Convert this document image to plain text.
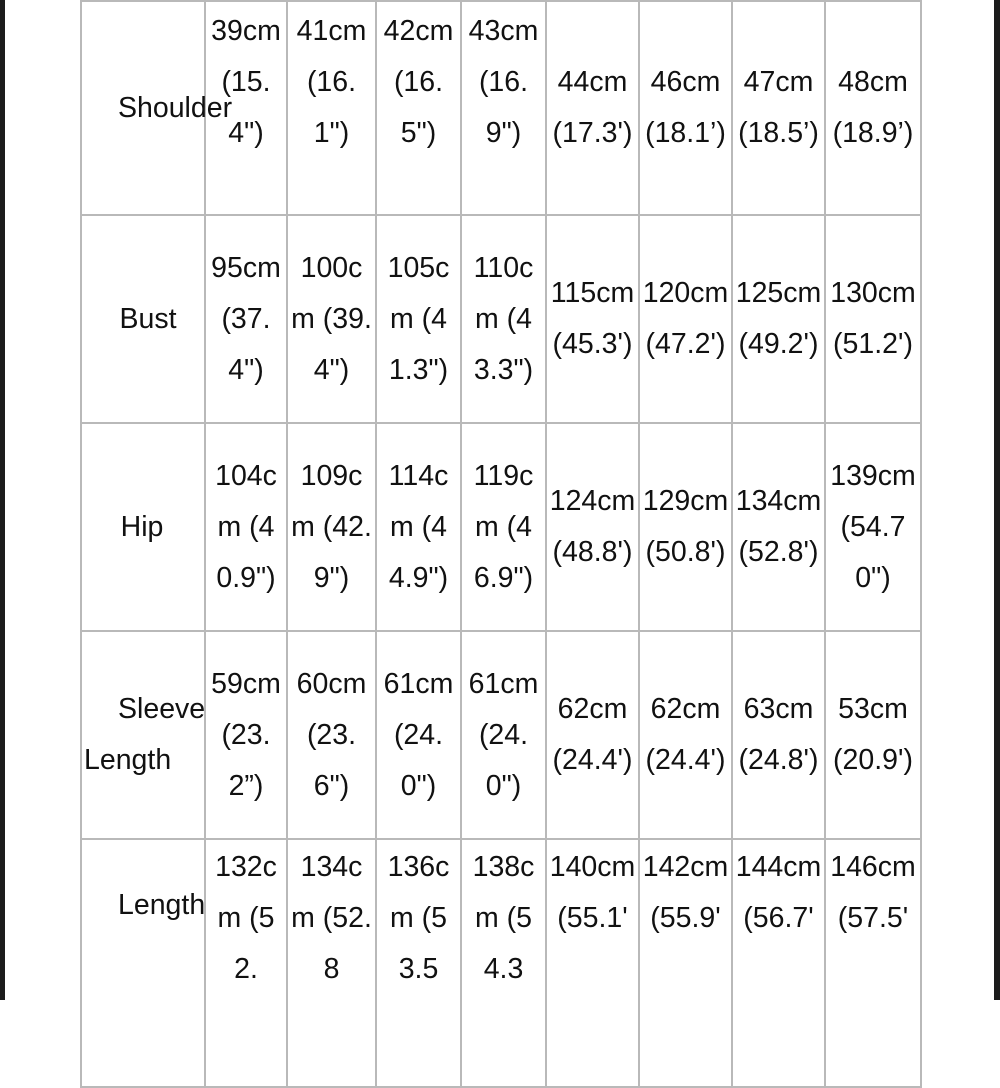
Shoulder	39cm (15.4")	41cm (16.1")	42cm (16.5")	43cm (16.9")	44cm (17.3')	46cm (18.1’)	47cm (18.5’)	48cm (18.9’)

Bust	95cm (37.4")	100cm (39.4")	105cm (41.3")	110cm (43.3")	115cm (45.3')	120cm (47.2')	125cm (49.2')	130cm (51.2')

Hip	104cm (40.9")	109cm (42.9")	114cm (44.9")	119cm (46.9")	124cm (48.8')	129cm (50.8')	134cm (52.8')	139cm (54.70")

Sleeve Length	59cm (23.2”)	60cm (23.6")	61cm (24.0")	61cm (24.0")	62cm (24.4')	62cm (24.4')	63cm (24.8')	53cm (20.9')

Length	132cm (52.	134cm (52.8	136cm (53.5	138cm (54.3	140cm (55.1'	142cm (55.9'	144cm (56.7'	146cm (57.5'
